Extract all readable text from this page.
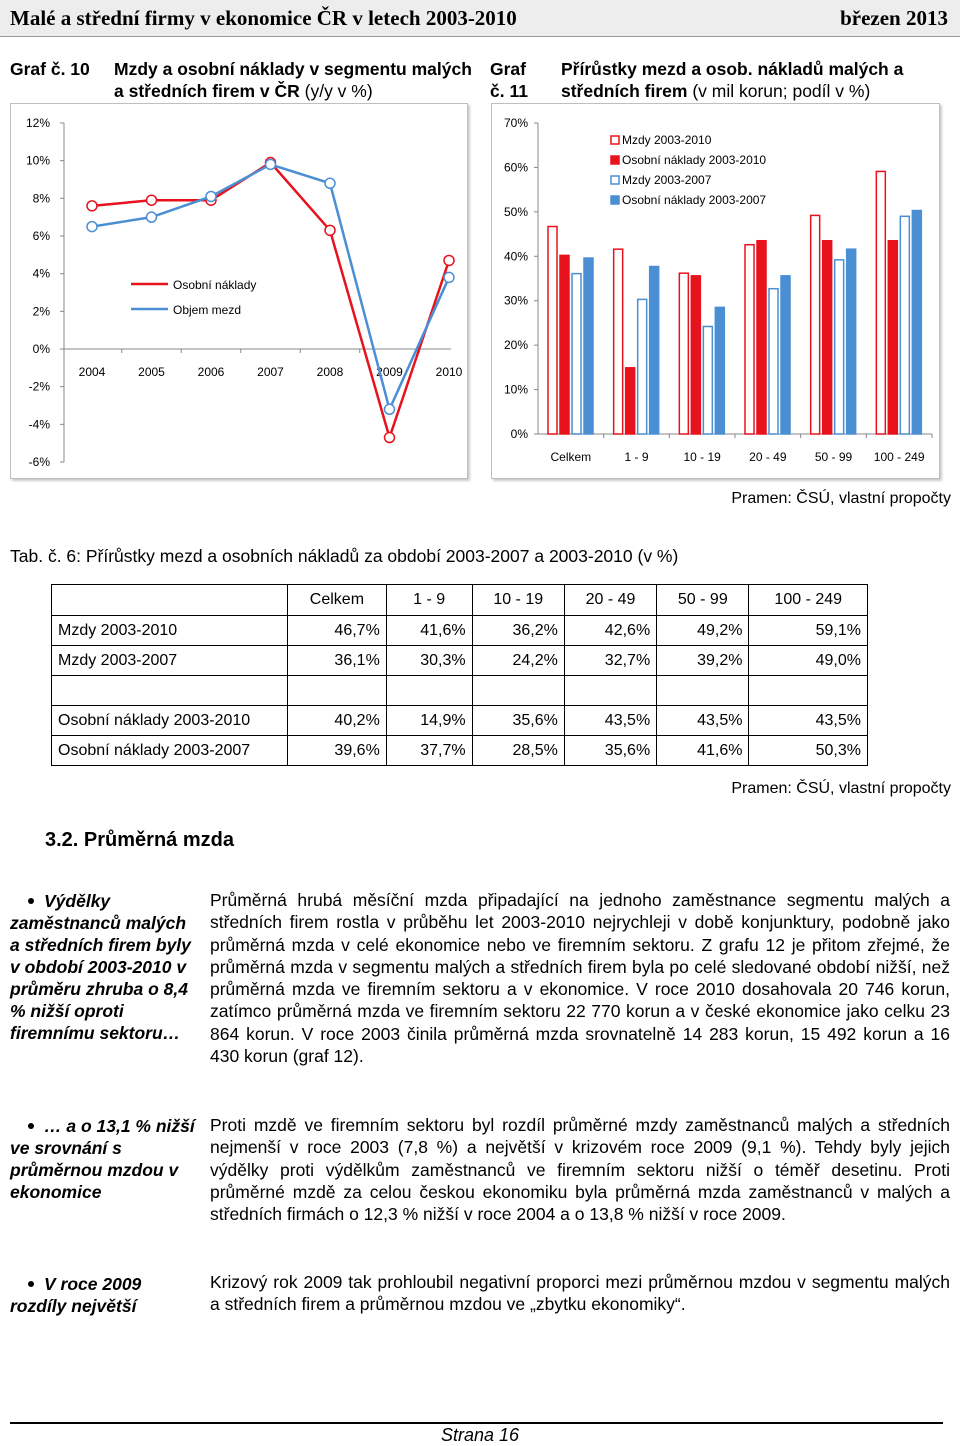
Malé a střední firmy v ekonomice ČR v letech 2003-2010	březen 2013
Graf č. 10 Mzdy a osobní náklady v segmentu malých a středních firem v ČR (y/y v %)
Graf
č. 11
Přírůstky mezd a osob. nákladů malých a středních firem (v mil korun; podíl v %)
12%
10%
8%
6%
4%
2%
0%
-2%
-4%
-6%
2004	2005	2006	2007	2008	2009	2010
Osobní náklady
Objem mezd
70%
60%
50%
40%
30%
20%
10%
0%
Celkem	1 - 9	10 - 19 20 - 49 50 - 99 100 - 249
Mzdy 2003-2010
Osobní náklady 2003-2010
Mzdy 2003-2007
Osobní náklady 2003-2007
Pramen: ČSÚ, vlastní propočty
Tab. č. 6: Přírůstky mezd a osobních nákladů za období 2003-2007 a 2003-2010 (v %)
	Celkem	1 - 9	10 - 19	20 - 49	50 - 99	100 - 249
Mzdy 2003-2010	46,7%	41,6%	36,2%	42,6%	49,2%	59,1%
Mzdy 2003-2007	36,1%	30,3%	24,2%	32,7%	39,2%	49,0%

Osobní náklady 2003-2010	40,2%	14,9%	35,6%	43,5%	43,5%	43,5%
Osobní náklady 2003-2007	39,6%	37,7%	28,5%	35,6%	41,6%	50,3%
Pramen: ČSÚ, vlastní propočty
3.2. Průměrná mzda
Výdělky zaměstnanců malých a středních firem byly v období 2003-2010 v průměru zhruba o 8,4 % nižší oproti firemnímu sektoru…
… a o 13,1 % nižší ve srovnání s průměrnou mzdou v ekonomice
V roce 2009 rozdíly největší
Průměrná hrubá měsíční mzda připadající na jednoho zaměstnance segmentu malých a středních firem rostla v průběhu let 2003-2010 nejrychleji v době konjunktury, podobně jako průměrná mzda v celé ekonomice nebo ve firemním sektoru. Z grafu 12 je přitom zřejmé, že průměrná mzda v segmentu malých a středních firem byla po celé sledované období nižší, než průměrná mzda ve firemním sektoru a v ekonomice. V roce 2010 dosahovala 20 746 korun, zatímco průměrná mzda ve firemním sektoru 22 770 korun a v české ekonomice jako celku 23 864 korun. V roce 2003 činila průměrná mzda srovnatelně 14 283 korun, 15 492 korun a 16 430 korun (graf 12).
Proti mzdě ve firemním sektoru byl rozdíl průměrné mzdy zaměstnanců malých a středních nejmenší v roce 2003 (7,8 %) a největší v krizovém roce 2009 (9,1 %). Tehdy byly jejich výdělky proti výdělkům zaměstnanců ve firemním sektoru nižší o téměř desetinu. Proti průměrné mzdě za celou českou ekonomiku byla průměrná mzda zaměstnanců v malých a středních firmách o 12,3 % nižší v roce 2004 a o 13,8 % nižší v roce 2009.
Krizový rok 2009 tak prohloubil negativní proporci mezi průměrnou mzdou v segmentu malých a středních firem a průměrnou mzdou ve „zbytku ekonomiky“.
Strana 16
